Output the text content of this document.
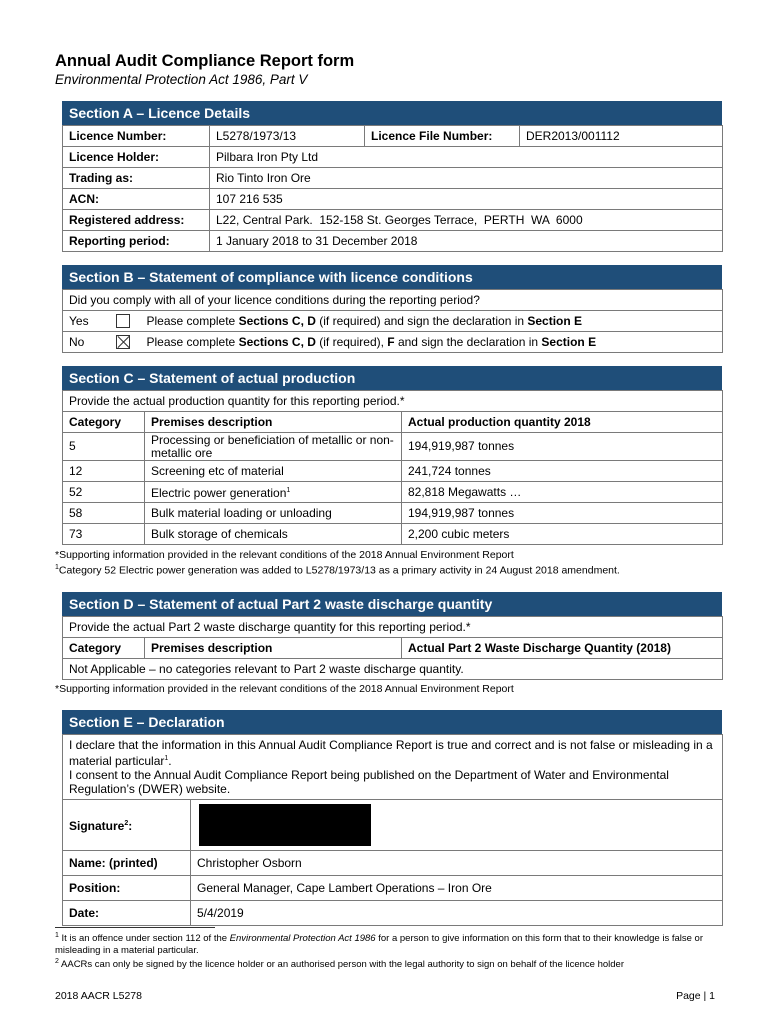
Annual Audit Compliance Report form
Environmental Protection Act 1986, Part V
Section A – Licence Details
Licence Number:	L5278/1973/13	Licence File Number:	DER2013/001112
Licence Holder:	Pilbara Iron Pty Ltd		
Trading as:	Rio Tinto Iron Ore		
ACN:	107 216 535		
Registered address:	L22, Central Park.  152-158 St. Georges Terrace,  PERTH  WA  6000		
Reporting period:	1 January 2018 to 31 December 2018		
Section B – Statement of compliance with licence conditions
Did you comply with all of your licence conditions during the reporting period?		
Yes		Please complete Sections C, D (if required) and sign the declaration in Section E
No		Please complete Sections C, D (if required), F and sign the declaration in Section E
Section C – Statement of actual production
Provide the actual production quantity for this reporting period.*		
Category	Premises description	Actual production quantity 2018
5	Processing or beneficiation of metallic or non-metallic ore	194,919,987 tonnes
12	Screening etc of material	241,724 tonnes
52	Electric power generation$^1$	82,818 Megawatts …
58	Bulk material loading or unloading	194,919,987 tonnes
73	Bulk storage of chemicals	2,200 cubic meters
*Supporting information provided in the relevant conditions of the 2018 Annual Environment Report
$^1$Category 52 Electric power generation was added to L5278/1973/13 as a primary activity in 24 August 2018 amendment.
Section D – Statement of actual Part 2 waste discharge quantity
Provide the actual Part 2 waste discharge quantity for this reporting period.*
Category	Premises description	Actual Part 2 Waste Discharge Quantity (2018)
Not Applicable – no categories relevant to Part 2 waste discharge quantity.
*Supporting information provided in the relevant conditions of the 2018 Annual Environment Report
Section E – Declaration
I declare that the information in this Annual Audit Compliance Report is true and correct and is not false or misleading in a material particular$^1$.
I consent to the Annual Audit Compliance Report being published on the Department of Water and Environmental Regulation’s (DWER) website.	
Signature$^2$:	
Name: (printed)	Christopher Osborn
Position:	General Manager, Cape Lambert Operations – Iron Ore
Date:	5/4/2019
$^1$ It is an offence under section 112 of the Environmental Protection Act 1986 for a person to give information on this form that to their knowledge is false or misleading in a material particular.
$^2$ AACRs can only be signed by the licence holder or an authorised person with the legal authority to sign on behalf of the licence holder
2018 AACR L5278	Page | 1
